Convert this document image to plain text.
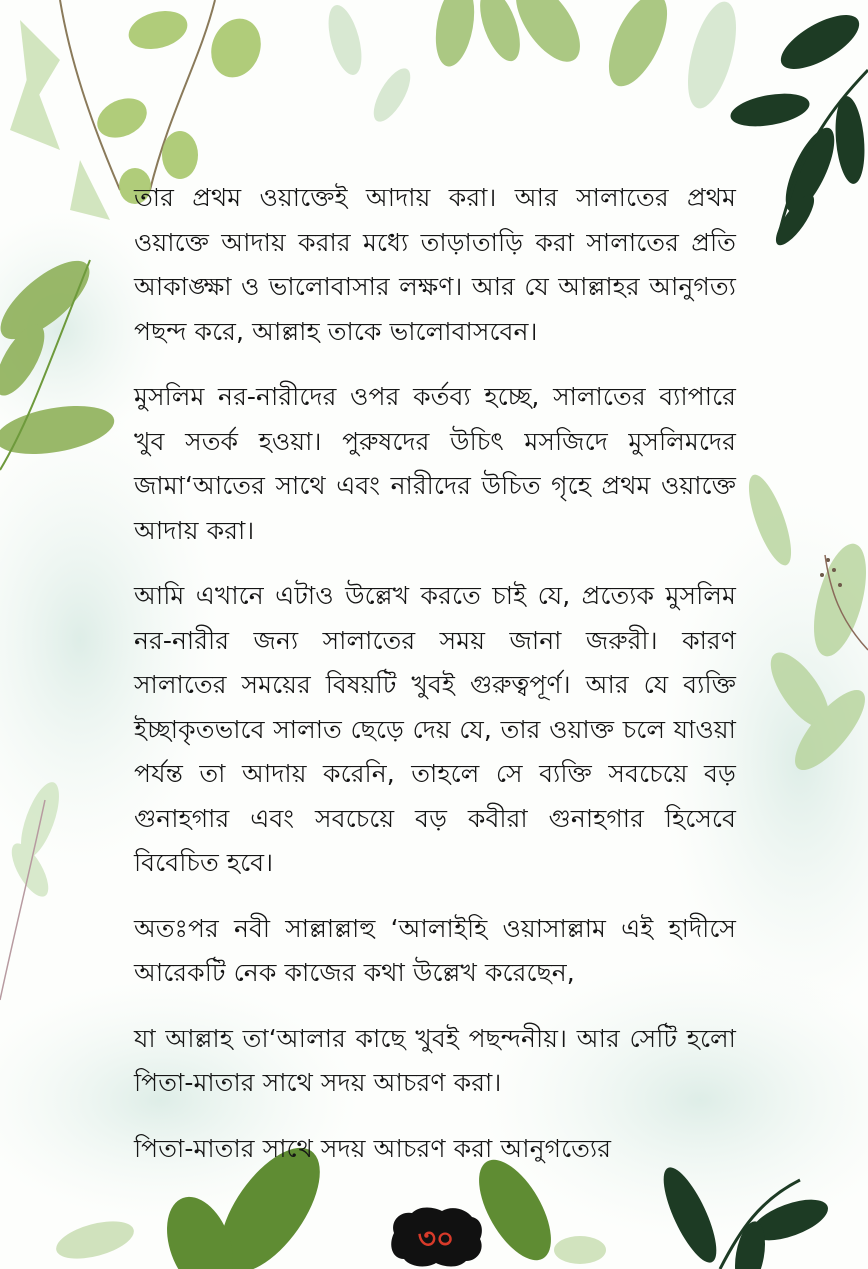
তার প্রথম ওয়াক্তেই আদায় করা। আর সালাতের প্রথম ওয়াক্তে আদায় করার মধ্যে তাড়াতাড়ি করা সালাতের প্রতি আকাঙ্ক্ষা ও ভালোবাসার লক্ষণ। আর যে আল্লাহর আনুগত্য পছন্দ করে, আল্লাহ তাকে ভালোবাসবেন।

মুসলিম নর-নারীদের ওপর কর্তব্য হচ্ছে, সালাতের ব্যাপারে খুব সতর্ক হওয়া। পুরুষদের উচিৎ মসজিদে মুসলিমদের জামা‘আতের সাথে এবং নারীদের উচিত গৃহে প্রথম ওয়াক্তে আদায় করা।

আমি এখানে এটাও উল্লেখ করতে চাই যে, প্রত্যেক মুসলিম নর-নারীর জন্য সালাতের সময় জানা জরুরী। কারণ সালাতের সময়ের বিষয়টি খুবই গুরুত্বপূর্ণ। আর যে ব্যক্তি ইচ্ছাকৃতভাবে সালাত ছেড়ে দেয় যে, তার ওয়াক্ত চলে যাওয়া পর্যন্ত তা আদায় করেনি, তাহলে সে ব্যক্তি সবচেয়ে বড় গুনাহগার এবং সবচেয়ে বড় কবীরা গুনাহগার হিসেবে বিবেচিত হবে।

অতঃপর নবী সাল্লাল্লাহু ‘আলাইহি ওয়াসাল্লাম এই হাদীসে আরেকটি নেক কাজের কথা উল্লেখ করেছেন,

যা আল্লাহ তা‘আলার কাছে খুবই পছন্দনীয়। আর সেটি হলো পিতা-মাতার সাথে সদয় আচরণ করা।

পিতা-মাতার সাথে সদয় আচরণ করা আনুগত্যের

৩০
